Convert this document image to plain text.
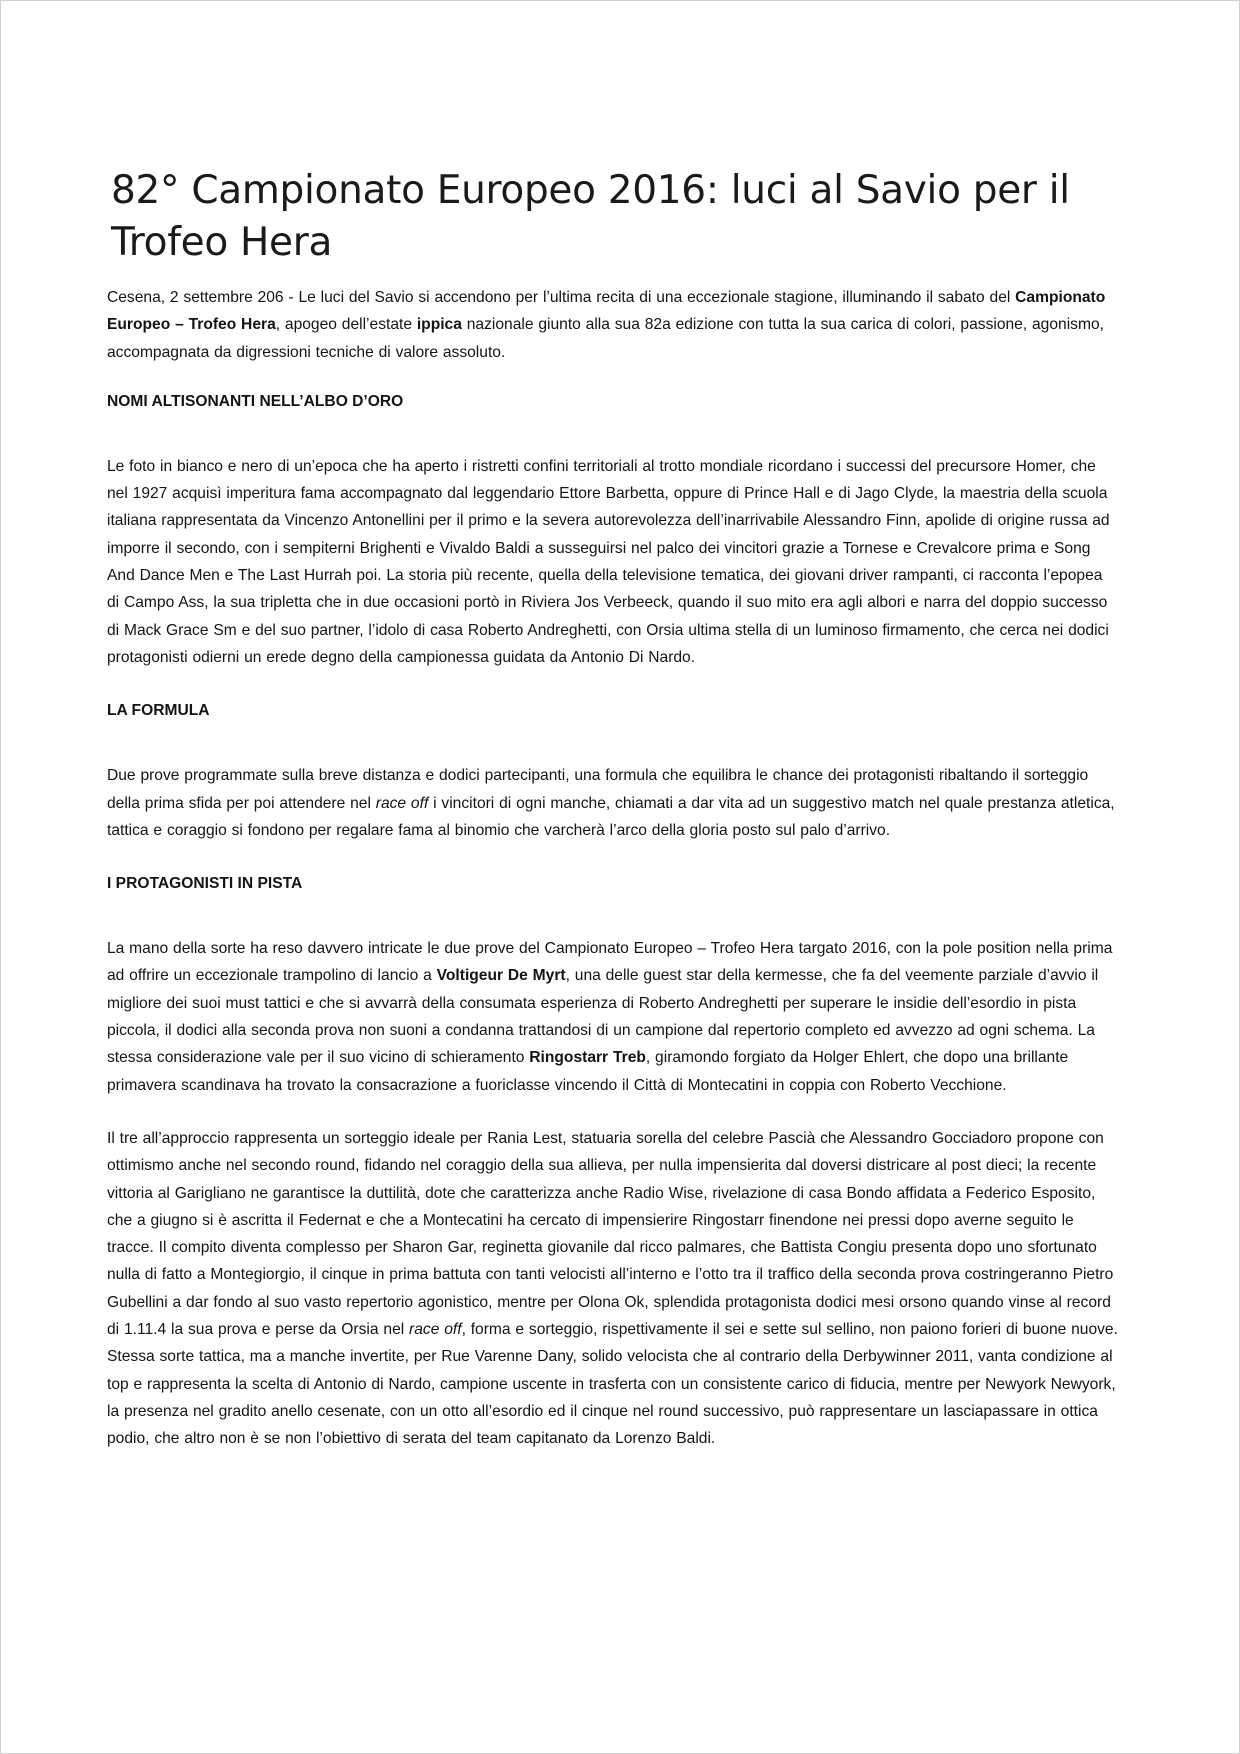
82° Campionato Europeo 2016: luci al Savio per il Trofeo Hera

Cesena, 2 settembre 206 - Le luci del Savio si accendono per l’ultima recita di una eccezionale stagione, illuminando il sabato del Campionato Europeo – Trofeo Hera, apogeo dell’estate ippica nazionale giunto alla sua 82a edizione con tutta la sua carica di colori, passione, agonismo, accompagnata da digressioni tecniche di valore assoluto.

NOMI ALTISONANTI NELL’ALBO D’ORO

Le foto in bianco e nero di un’epoca che ha aperto i ristretti confini territoriali al trotto mondiale ricordano i successi del precursore Homer, che nel 1927 acquisì imperitura fama accompagnato dal leggendario Ettore Barbetta, oppure di Prince Hall e di Jago Clyde, la maestria della scuola italiana rappresentata da Vincenzo Antonellini per il primo e la severa autorevolezza dell’inarrivabile Alessandro Finn, apolide di origine russa ad imporre il secondo, con i sempiterni Brighenti e Vivaldo Baldi a susseguirsi nel palco dei vincitori grazie a Tornese e Crevalcore prima e Song And Dance Men e The Last Hurrah poi. La storia più recente, quella della televisione tematica, dei giovani driver rampanti, ci racconta l’epopea di Campo Ass, la sua tripletta che in due occasioni portò in Riviera Jos Verbeeck, quando il suo mito era agli albori e narra del doppio successo di Mack Grace Sm e del suo partner, l’idolo di casa Roberto Andreghetti, con Orsia ultima stella di un luminoso firmamento, che cerca nei dodici protagonisti odierni un erede degno della campionessa guidata da Antonio Di Nardo.

LA FORMULA

Due prove programmate sulla breve distanza e dodici partecipanti, una formula che equilibra le chance dei protagonisti ribaltando il sorteggio della prima sfida per poi attendere nel race off i vincitori di ogni manche, chiamati a dar vita ad un suggestivo match nel quale prestanza atletica, tattica e coraggio si fondono per regalare fama al binomio che varcherà l’arco della gloria posto sul palo d’arrivo.

I PROTAGONISTI IN PISTA

La mano della sorte ha reso davvero intricate le due prove del Campionato Europeo – Trofeo Hera targato 2016, con la pole position nella prima ad offrire un eccezionale trampolino di lancio a Voltigeur De Myrt, una delle guest star della kermesse, che fa del veemente parziale d’avvio il migliore dei suoi must tattici e che si avvarrà della consumata esperienza di Roberto Andreghetti per superare le insidie dell’esordio in pista piccola, il dodici alla seconda prova non suoni a condanna trattandosi di un campione dal repertorio completo ed avvezzo ad ogni schema. La stessa considerazione vale per il suo vicino di schieramento Ringostarr Treb, giramondo forgiato da Holger Ehlert, che dopo una brillante primavera scandinava ha trovato la consacrazione a fuoriclasse vincendo il Città di Montecatini in coppia con Roberto Vecchione.

Il tre all’approccio rappresenta un sorteggio ideale per Rania Lest, statuaria sorella del celebre Pascià che Alessandro Gocciadoro propone con ottimismo anche nel secondo round, fidando nel coraggio della sua allieva, per nulla impensierita dal doversi districare al post dieci; la recente vittoria al Garigliano ne garantisce la duttilità, dote che caratterizza anche Radio Wise, rivelazione di casa Bondo affidata a Federico Esposito, che a giugno si è ascritta il Federnat e che a Montecatini ha cercato di impensierire Ringostarr finendone nei pressi dopo averne seguito le tracce. Il compito diventa complesso per Sharon Gar, reginetta giovanile dal ricco palmares, che Battista Congiu presenta dopo uno sfortunato nulla di fatto a Montegiorgio, il cinque in prima battuta con tanti velocisti all’interno e l’otto tra il traffico della seconda prova costringeranno Pietro Gubellini a dar fondo al suo vasto repertorio agonistico, mentre per Olona Ok, splendida protagonista dodici mesi orsono quando vinse al record di 1.11.4 la sua prova e perse da Orsia nel race off, forma e sorteggio, rispettivamente il sei e sette sul sellino, non paiono forieri di buone nuove. Stessa sorte tattica, ma a manche invertite, per Rue Varenne Dany, solido velocista che al contrario della Derbywinner 2011, vanta condizione al top e rappresenta la scelta di Antonio di Nardo, campione uscente in trasferta con un consistente carico di fiducia, mentre per Newyork Newyork, la presenza nel gradito anello cesenate, con un otto all’esordio ed il cinque nel round successivo, può rappresentare un lasciapassare in ottica podio, che altro non è se non l’obiettivo di serata del team capitanato da Lorenzo Baldi.
